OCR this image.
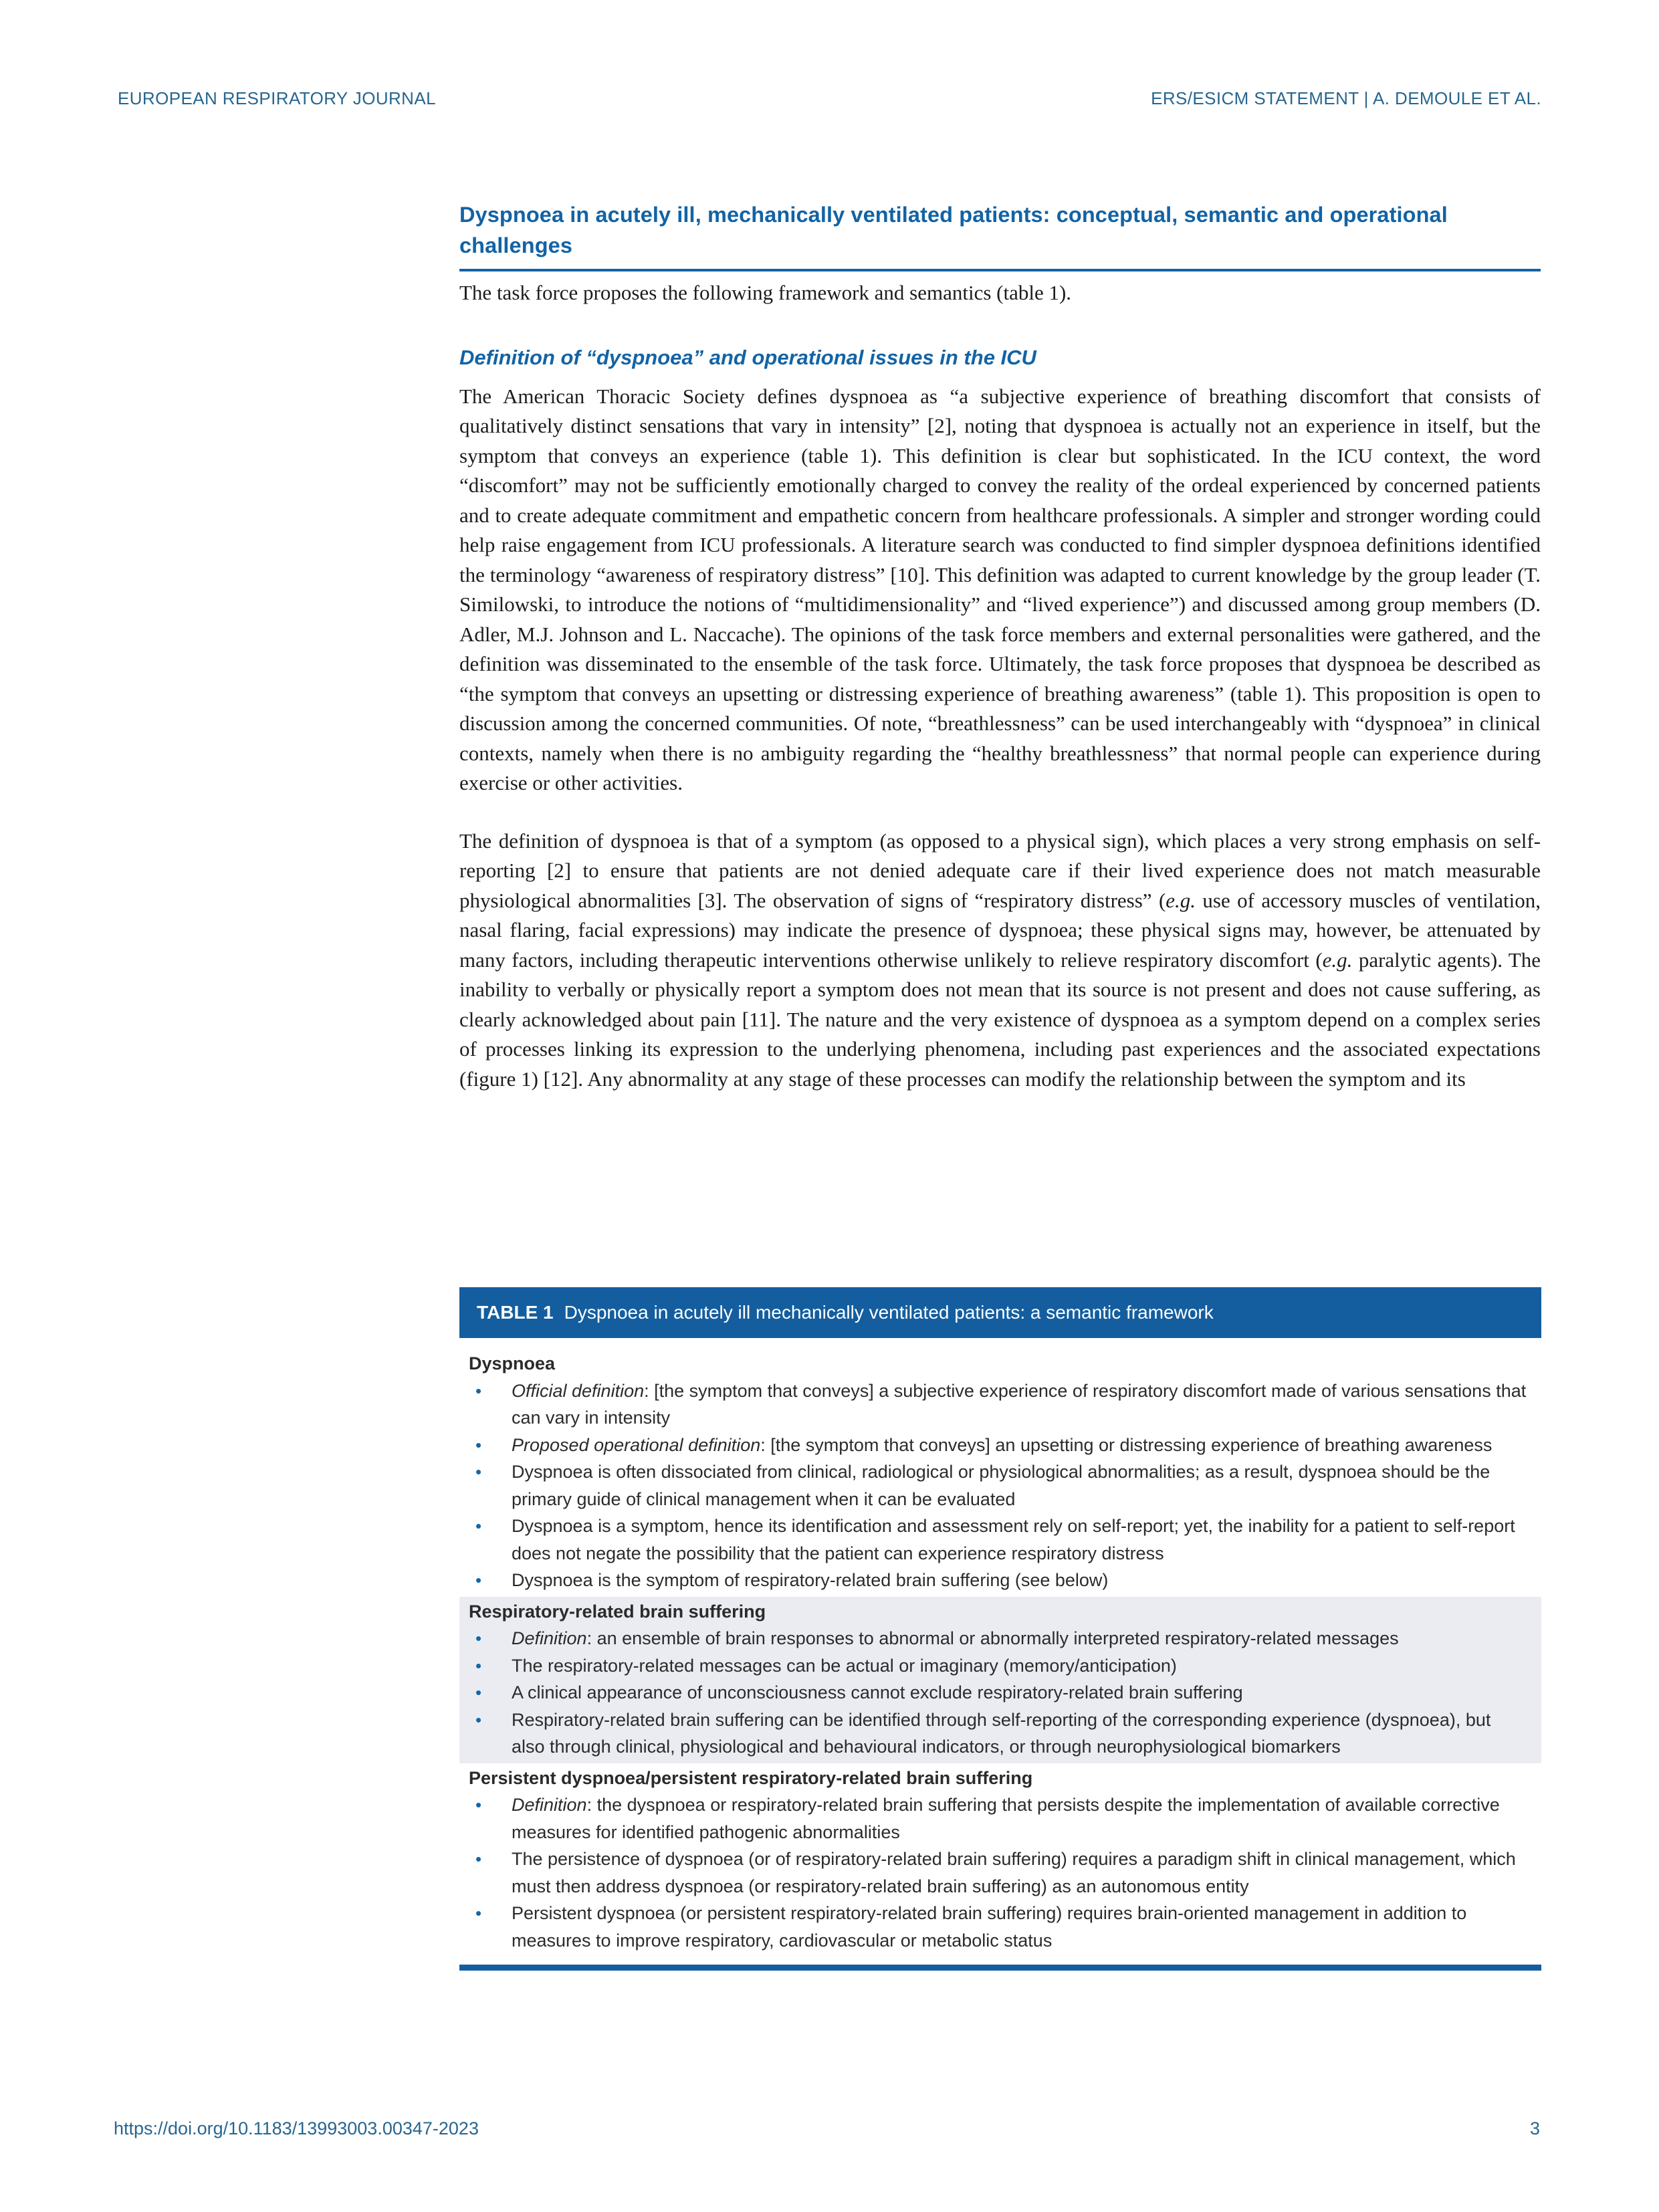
EUROPEAN RESPIRATORY JOURNAL	ERS/ESICM STATEMENT | A. DEMOULE ET AL.
Dyspnoea in acutely ill, mechanically ventilated patients: conceptual, semantic and operational challenges

The task force proposes the following framework and semantics (table 1).

Definition of “dyspnoea” and operational issues in the ICU

The American Thoracic Society defines dyspnoea as “a subjective experience of breathing discomfort that consists of qualitatively distinct sensations that vary in intensity” [2], noting that dyspnoea is actually not an experience in itself, but the symptom that conveys an experience (table 1). This definition is clear but sophisticated. In the ICU context, the word “discomfort” may not be sufficiently emotionally charged to convey the reality of the ordeal experienced by concerned patients and to create adequate commitment and empathetic concern from healthcare professionals. A simpler and stronger wording could help raise engagement from ICU professionals. A literature search was conducted to find simpler dyspnoea definitions identified the terminology “awareness of respiratory distress” [10]. This definition was adapted to current knowledge by the group leader (T. Similowski, to introduce the notions of “multidimensionality” and “lived experience”) and discussed among group members (D. Adler, M.J. Johnson and L. Naccache). The opinions of the task force members and external personalities were gathered, and the definition was disseminated to the ensemble of the task force. Ultimately, the task force proposes that dyspnoea be described as “the symptom that conveys an upsetting or distressing experience of breathing awareness” (table 1). This proposition is open to discussion among the concerned communities. Of note, “breathlessness” can be used interchangeably with “dyspnoea” in clinical contexts, namely when there is no ambiguity regarding the “healthy breathlessness” that normal people can experience during exercise or other activities.

The definition of dyspnoea is that of a symptom (as opposed to a physical sign), which places a very strong emphasis on self-reporting [2] to ensure that patients are not denied adequate care if their lived experience does not match measurable physiological abnormalities [3]. The observation of signs of “respiratory distress” (e.g. use of accessory muscles of ventilation, nasal flaring, facial expressions) may indicate the presence of dyspnoea; these physical signs may, however, be attenuated by many factors, including therapeutic interventions otherwise unlikely to relieve respiratory discomfort (e.g. paralytic agents). The inability to verbally or physically report a symptom does not mean that its source is not present and does not cause suffering, as clearly acknowledged about pain [11]. The nature and the very existence of dyspnoea as a symptom depend on a complex series of processes linking its expression to the underlying phenomena, including past experiences and the associated expectations (figure 1) [12]. Any abnormality at any stage of these processes can modify the relationship between the symptom and its

TABLE 1 Dyspnoea in acutely ill mechanically ventilated patients: a semantic framework
Dyspnoea
•	Official definition: [the symptom that conveys] a subjective experience of respiratory discomfort made of various sensations that can vary in intensity
•	Proposed operational definition: [the symptom that conveys] an upsetting or distressing experience of breathing awareness
•	Dyspnoea is often dissociated from clinical, radiological or physiological abnormalities; as a result, dyspnoea should be the primary guide of clinical management when it can be evaluated
•	Dyspnoea is a symptom, hence its identification and assessment rely on self-report; yet, the inability for a patient to self-report does not negate the possibility that the patient can experience respiratory distress
•	Dyspnoea is the symptom of respiratory-related brain suffering (see below)
Respiratory-related brain suffering
•	Definition: an ensemble of brain responses to abnormal or abnormally interpreted respiratory-related messages
•	The respiratory-related messages can be actual or imaginary (memory/anticipation)
•	A clinical appearance of unconsciousness cannot exclude respiratory-related brain suffering
•	Respiratory-related brain suffering can be identified through self-reporting of the corresponding experience (dyspnoea), but also through clinical, physiological and behavioural indicators, or through neurophysiological biomarkers
Persistent dyspnoea/persistent respiratory-related brain suffering
•	Definition: the dyspnoea or respiratory-related brain suffering that persists despite the implementation of available corrective measures for identified pathogenic abnormalities
•	The persistence of dyspnoea (or of respiratory-related brain suffering) requires a paradigm shift in clinical management, which must then address dyspnoea (or respiratory-related brain suffering) as an autonomous entity
•	Persistent dyspnoea (or persistent respiratory-related brain suffering) requires brain-oriented management in addition to measures to improve respiratory, cardiovascular or metabolic status
https://doi.org/10.1183/13993003.00347-2023	3
